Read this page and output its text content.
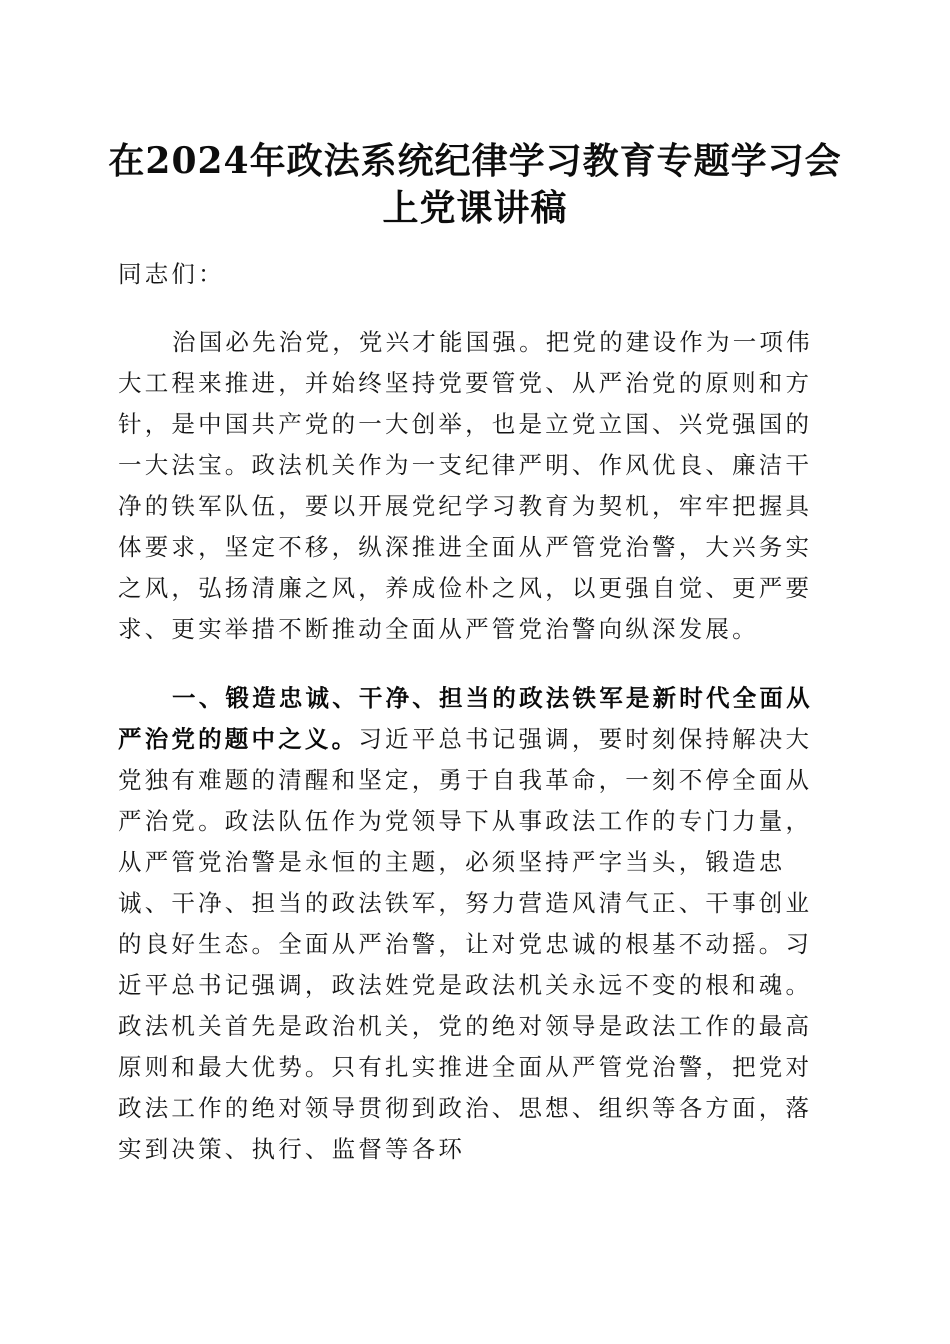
在2024年政法系统纪律学习教育专题学习会
上党课讲稿

同志们：

治国必先治党，党兴才能国强。把党的建设作为一项伟大工程来推进，并始终坚持党要管党、从严治党的原则和方针，是中国共产党的一大创举，也是立党立国、兴党强国的一大法宝。政法机关作为一支纪律严明、作风优良、廉洁干净的铁军队伍，要以开展党纪学习教育为契机，牢牢把握具体要求，坚定不移，纵深推进全面从严管党治警，大兴务实之风，弘扬清廉之风，养成俭朴之风，以更强自觉、更严要求、更实举措不断推动全面从严管党治警向纵深发展。

一、锻造忠诚、干净、担当的政法铁军是新时代全面从严治党的题中之义。习近平总书记强调，要时刻保持解决大党独有难题的清醒和坚定，勇于自我革命，一刻不停全面从严治党。政法队伍作为党领导下从事政法工作的专门力量，从严管党治警是永恒的主题，必须坚持严字当头，锻造忠诚、干净、担当的政法铁军，努力营造风清气正、干事创业的良好生态。全面从严治警，让对党忠诚的根基不动摇。习近平总书记强调，政法姓党是政法机关永远不变的根和魂。政法机关首先是政治机关，党的绝对领导是政法工作的最高原则和最大优势。只有扎实推进全面从严管党治警，把党对政法工作的绝对领导贯彻到政治、思想、组织等各方面，落实到决策、执行、监督等各环
